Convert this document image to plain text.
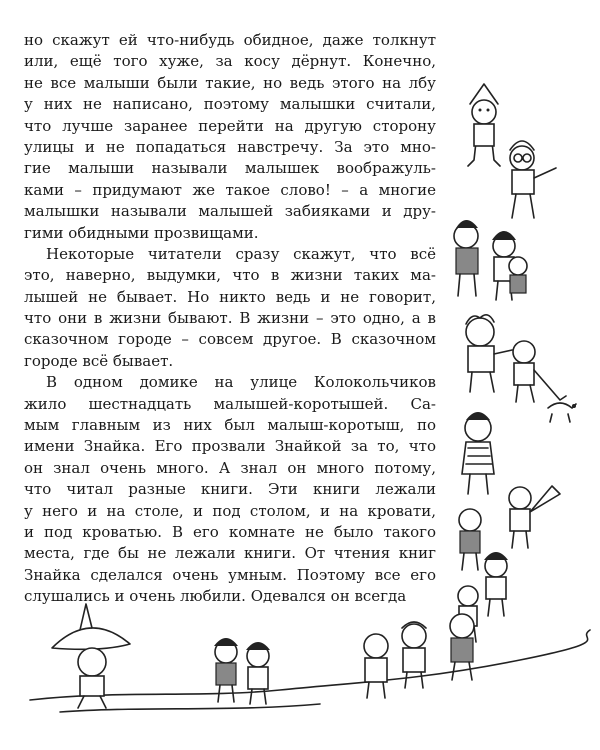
но скажут ей что-нибудь обидное, даже толкнут
или, ещё того хуже, за косу дёрнут. Конечно,
не все малыши были такие, но ведь этого на лбу
у них не написано, поэтому малышки считали,
что лучше заранее перейти на другую сторону
улицы и не попадаться навстречу. За это мно-
гие малыши называли малышек воображуль-
ками – придумают же такое слово! – а многие
малышки называли малышей забияками и дру-
гими обидными прозвищами.
Некоторые читатели сразу скажут, что всё
это, наверно, выдумки, что в жизни таких ма-
лышей не бывает. Но никто ведь и не говорит,
что они в жизни бывают. В жизни – это одно, а в
сказочном городе – совсем другое. В сказочном
городе всё бывает.
В одном домике на улице Колокольчиков
жило шестнадцать малышей-коротышей. Са-
мым главным из них был малыш-коротыш, по
имени Знайка. Его прозвали Знайкой за то, что
он знал очень много. А знал он много потому,
что читал разные книги. Эти книги лежали
у него и на столе, и под столом, и на кровати,
и под кроватью. В его комнате не было такого
места, где бы не лежали книги. От чтения книг
Знайка сделался очень умным. Поэтому все его
слушались и очень любили. Одевался он всегда
